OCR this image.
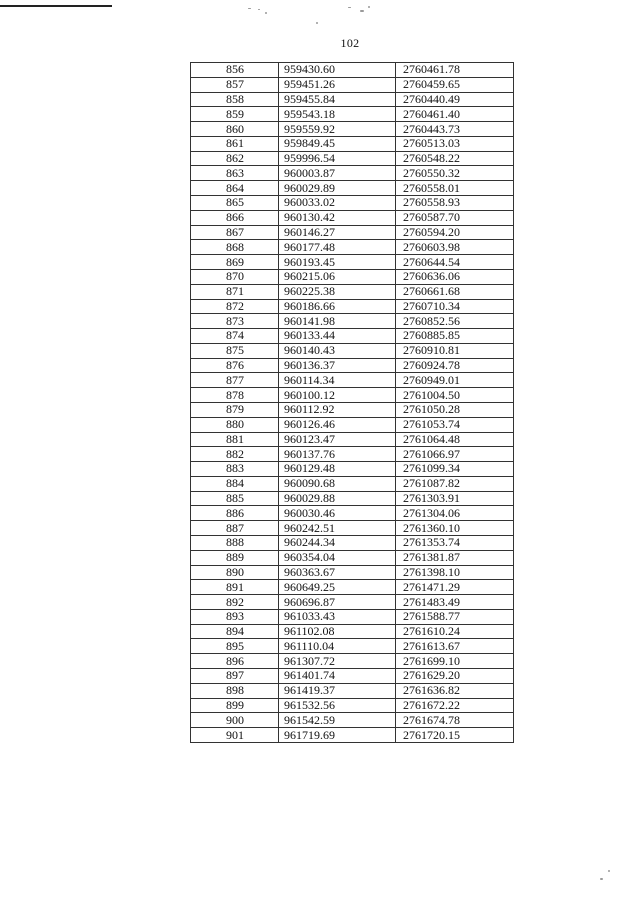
102
856	959430.60	2760461.78
857	959451.26	2760459.65
858	959455.84	2760440.49
859	959543.18	2760461.40
860	959559.92	2760443.73
861	959849.45	2760513.03
862	959996.54	2760548.22
863	960003.87	2760550.32
864	960029.89	2760558.01
865	960033.02	2760558.93
866	960130.42	2760587.70
867	960146.27	2760594.20
868	960177.48	2760603.98
869	960193.45	2760644.54
870	960215.06	2760636.06
871	960225.38	2760661.68
872	960186.66	2760710.34
873	960141.98	2760852.56
874	960133.44	2760885.85
875	960140.43	2760910.81
876	960136.37	2760924.78
877	960114.34	2760949.01
878	960100.12	2761004.50
879	960112.92	2761050.28
880	960126.46	2761053.74
881	960123.47	2761064.48
882	960137.76	2761066.97
883	960129.48	2761099.34
884	960090.68	2761087.82
885	960029.88	2761303.91
886	960030.46	2761304.06
887	960242.51	2761360.10
888	960244.34	2761353.74
889	960354.04	2761381.87
890	960363.67	2761398.10
891	960649.25	2761471.29
892	960696.87	2761483.49
893	961033.43	2761588.77
894	961102.08	2761610.24
895	961110.04	2761613.67
896	961307.72	2761699.10
897	961401.74	2761629.20
898	961419.37	2761636.82
899	961532.56	2761672.22
900	961542.59	2761674.78
901	961719.69	2761720.15
